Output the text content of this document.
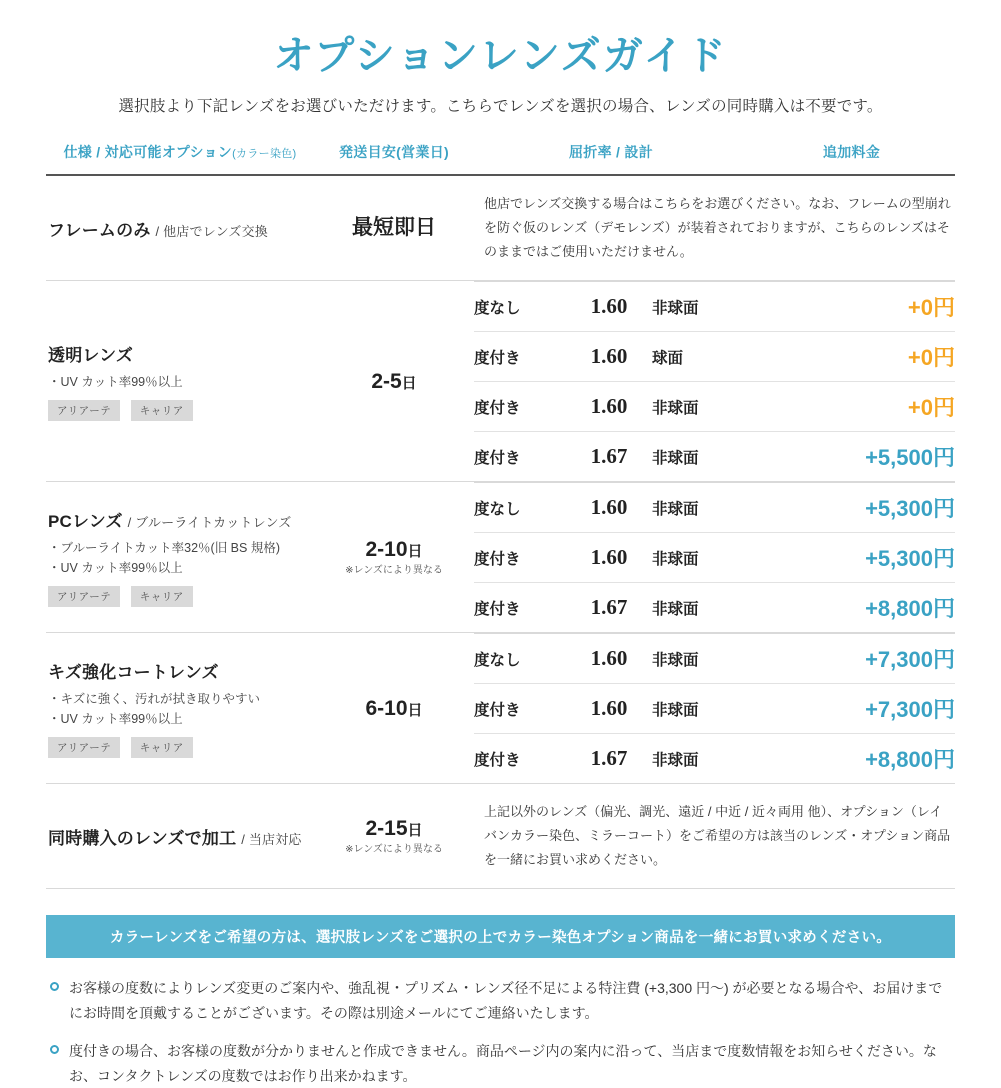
オプションレンズガイド
選択肢より下記レンズをお選びいただけます。こちらでレンズを選択の場合、レンズの同時購入は不要です。
仕様 / 対応可能オプション(カラー染色)	発送目安(営業日)	屈折率 / 設計	追加料金

フレームのみ / 他店でレンズ交換	最短即日
	他店でレンズ交換する場合はこちらをお選びください。なお、フレームの型崩れを防ぐ仮のレンズ（デモレンズ）が装着されておりますが、こちらのレンズはそのままではご使用いただけません。

透明レンズ
・UV カット率99％以上
アリアーテ	キャリア

2-5日

度なし	1.60	非球面	+0円
度付き	1.60	球面	+0円
度付き	1.60	非球面	+0円
度付き	1.67	非球面	+5,500円

PCレンズ / ブルーライトカットレンズ
・ブルーライトカット率32％(旧 BS 規格)
・UV カット率99％以上
アリアーテ	キャリア

2-10日
※レンズにより異なる

度なし	1.60	非球面	+5,300円
度付き	1.60	非球面	+5,300円
度付き	1.67	非球面	+8,800円

キズ強化コートレンズ
・キズに強く、汚れが拭き取りやすい
・UV カット率99％以上
アリアーテ	キャリア

6-10日

度なし	1.60	非球面	+7,300円
度付き	1.60	非球面	+7,300円
度付き	1.67	非球面	+8,800円

同時購入のレンズで加工 / 当店対応	2-15日
※レンズにより異なる
	上記以外のレンズ（偏光、調光、遠近 / 中近 / 近々両用 他）、オプション（レイバンカラー染色、ミラーコート）をご希望の方は該当のレンズ・オプション商品を一緒にお買い求めください。

カラーレンズをご希望の方は、選択肢レンズをご選択の上でカラー染色オプション商品を一緒にお買い求めください。
お客様の度数によりレンズ変更のご案内や、強乱視・プリズム・レンズ径不足による特注費 (+3,300 円〜) が必要となる場合や、お届けまでにお時間を頂戴することがございます。その際は別途メールにてご連絡いたします。
度付きの場合、お客様の度数が分かりませんと作成できません。商品ページ内の案内に沿って、当店まで度数情報をお知らせください。なお、コンタクトレンズの度数ではお作り出来かねます。
